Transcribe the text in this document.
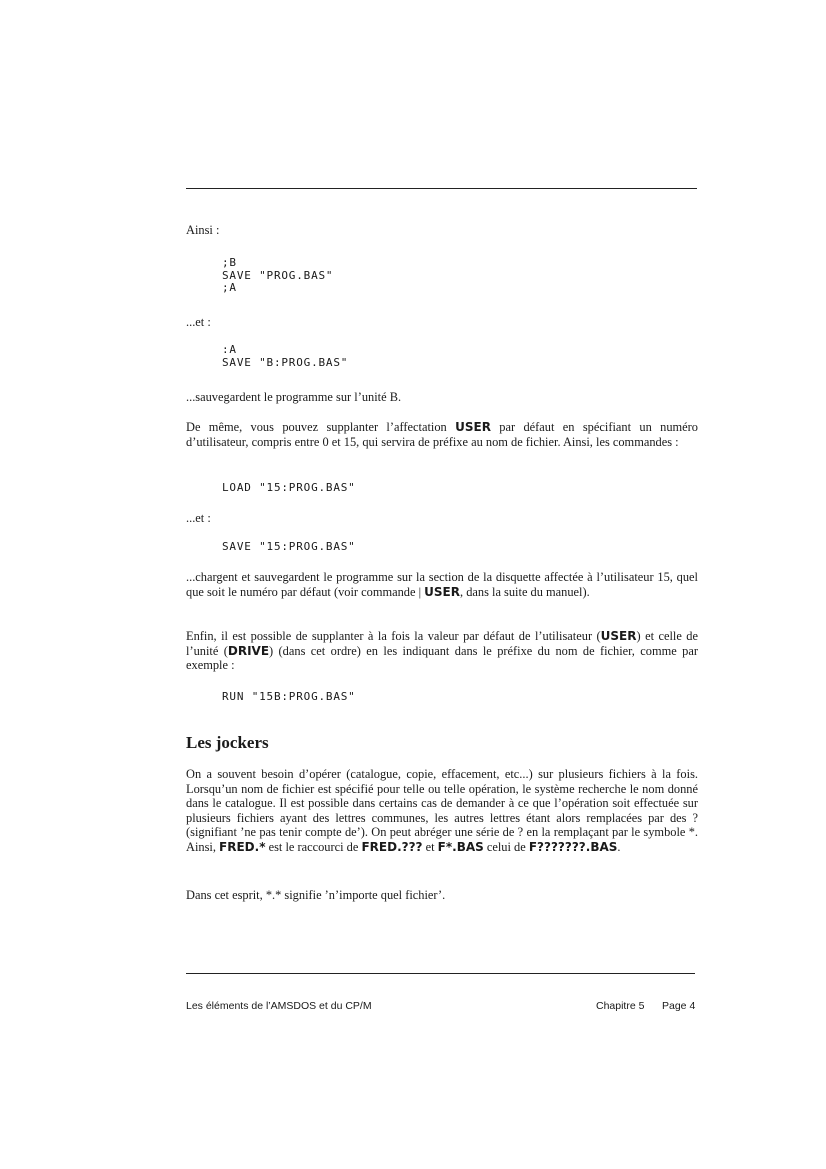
Ainsi :
;B
SAVE "PROG.BAS"
;A
...et :
:A
SAVE "B:PROG.BAS"
...sauvegardent le programme sur l’unité B.
De même, vous pouvez supplanter l’affectation USER par défaut en spécifiant un numéro d’utilisateur, compris entre 0 et 15, qui servira de préfixe au nom de fichier. Ainsi, les commandes :
LOAD "15:PROG.BAS"
...et :
SAVE "15:PROG.BAS"
...chargent et sauvegardent le programme sur la section de la disquette affectée à l’utilisateur 15, quel que soit le numéro par défaut (voir commande | USER, dans la suite du manuel).
Enfin, il est possible de supplanter à la fois la valeur par défaut de l’utilisateur (USER) et celle de l’unité (DRIVE) (dans cet ordre) en les indiquant dans le préfixe du nom de fichier, comme par exemple :
RUN "15B:PROG.BAS"
Les jockers
On a souvent besoin d’opérer (catalogue, copie, effacement, etc...) sur plusieurs fichiers à la fois. Lorsqu’un nom de fichier est spécifié pour telle ou telle opération, le système recherche le nom donné dans le catalogue. Il est possible dans certains cas de demander à ce que l’opération soit effectuée sur plusieurs fichiers ayant des lettres communes, les autres lettres étant alors remplacées par des ? (signifiant ’ne pas tenir compte de’). On peut abréger une série de ? en la remplaçant par le symbole *. Ainsi, FRED.* est le raccourci de FRED.??? et F*.BAS celui de F???????.BAS.
Dans cet esprit, *.* signifie ’n’importe quel fichier’.
Les éléments de l’AMSDOS et du CP/M	Chapitre 5 Page 4
